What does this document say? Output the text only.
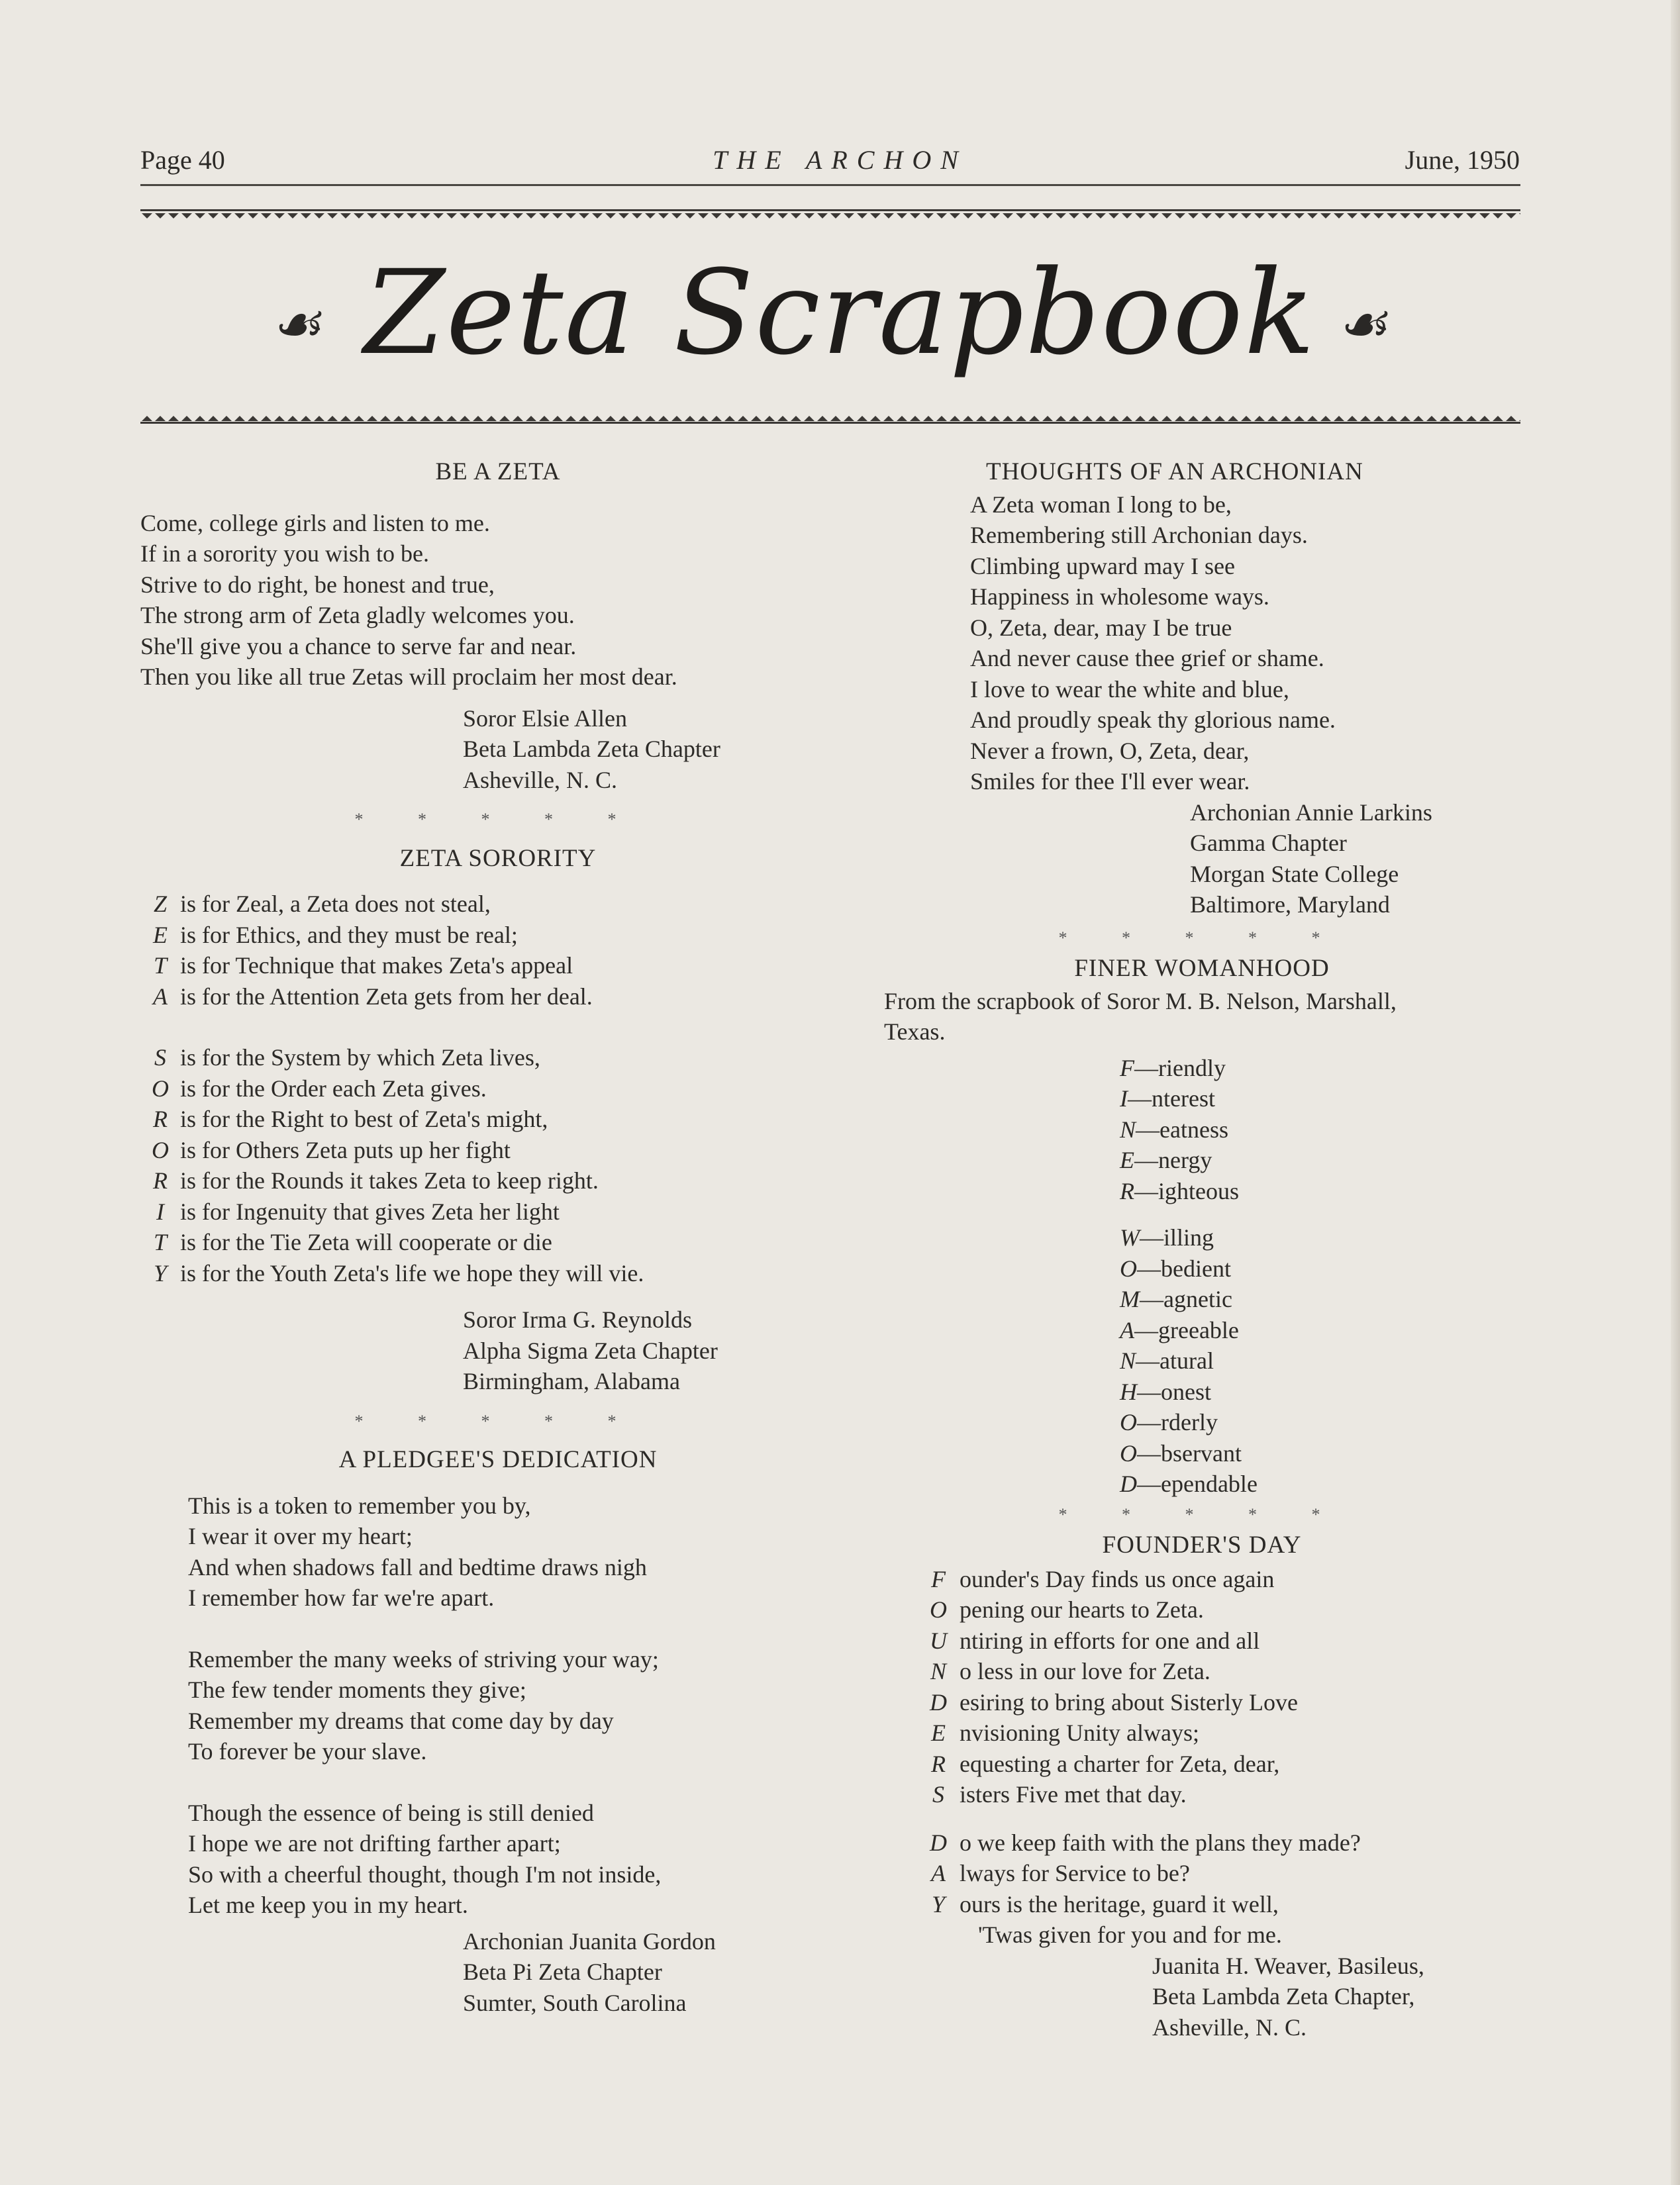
Page 40	THE ARCHON	June, 1950
☙ Zeta Scrapbook ☙
BE A ZETA
Come, college girls and listen to me.
If in a sorority you wish to be.
Strive to do right, be honest and true,
The strong arm of Zeta gladly welcomes you.
She'll give you a chance to serve far and near.
Then you like all true Zetas will proclaim her most dear.
Soror Elsie Allen
Beta Lambda Zeta Chapter
Asheville, N. C.
* * * * *
ZETA SORORITY
Z is for Zeal, a Zeta does not steal,
E is for Ethics, and they must be real;
T is for Technique that makes Zeta's appeal
A is for the Attention Zeta gets from her deal.
S is for the System by which Zeta lives,
O is for the Order each Zeta gives.
R is for the Right to best of Zeta's might,
O is for Others Zeta puts up her fight
R is for the Rounds it takes Zeta to keep right.
I is for Ingenuity that gives Zeta her light
T is for the Tie Zeta will cooperate or die
Y is for the Youth Zeta's life we hope they will vie.
Soror Irma G. Reynolds
Alpha Sigma Zeta Chapter
Birmingham, Alabama
* * * * *
A PLEDGEE'S DEDICATION
This is a token to remember you by,
I wear it over my heart;
And when shadows fall and bedtime draws nigh
I remember how far we're apart.
Remember the many weeks of striving your way;
The few tender moments they give;
Remember my dreams that come day by day
To forever be your slave.
Though the essence of being is still denied
I hope we are not drifting farther apart;
So with a cheerful thought, though I'm not inside,
Let me keep you in my heart.
Archonian Juanita Gordon
Beta Pi Zeta Chapter
Sumter, South Carolina
THOUGHTS OF AN ARCHONIAN
A Zeta woman I long to be,
Remembering still Archonian days.
Climbing upward may I see
Happiness in wholesome ways.
O, Zeta, dear, may I be true
And never cause thee grief or shame.
I love to wear the white and blue,
And proudly speak thy glorious name.
Never a frown, O, Zeta, dear,
Smiles for thee I'll ever wear.
Archonian Annie Larkins
Gamma Chapter
Morgan State College
Baltimore, Maryland
* * * * *
FINER WOMANHOOD
From the scrapbook of Soror M. B. Nelson, Marshall,
Texas.
F—riendly
I—nterest
N—eatness
E—nergy
R—ighteous
W—illing
O—bedient
M—agnetic
A—greeable
N—atural
H—onest
O—rderly
O—bservant
D—ependable
* * * * *
FOUNDER'S DAY
F ounder's Day finds us once again
O pening our hearts to Zeta.
U ntiring in efforts for one and all
N o less in our love for Zeta.
D esiring to bring about Sisterly Love
E nvisioning Unity always;
R equesting a charter for Zeta, dear,
S isters Five met that day.
D o we keep faith with the plans they made?
A lways for Service to be?
Y ours is the heritage, guard it well,
'Twas given for you and for me.
Juanita H. Weaver, Basileus,
Beta Lambda Zeta Chapter,
Asheville, N. C.
